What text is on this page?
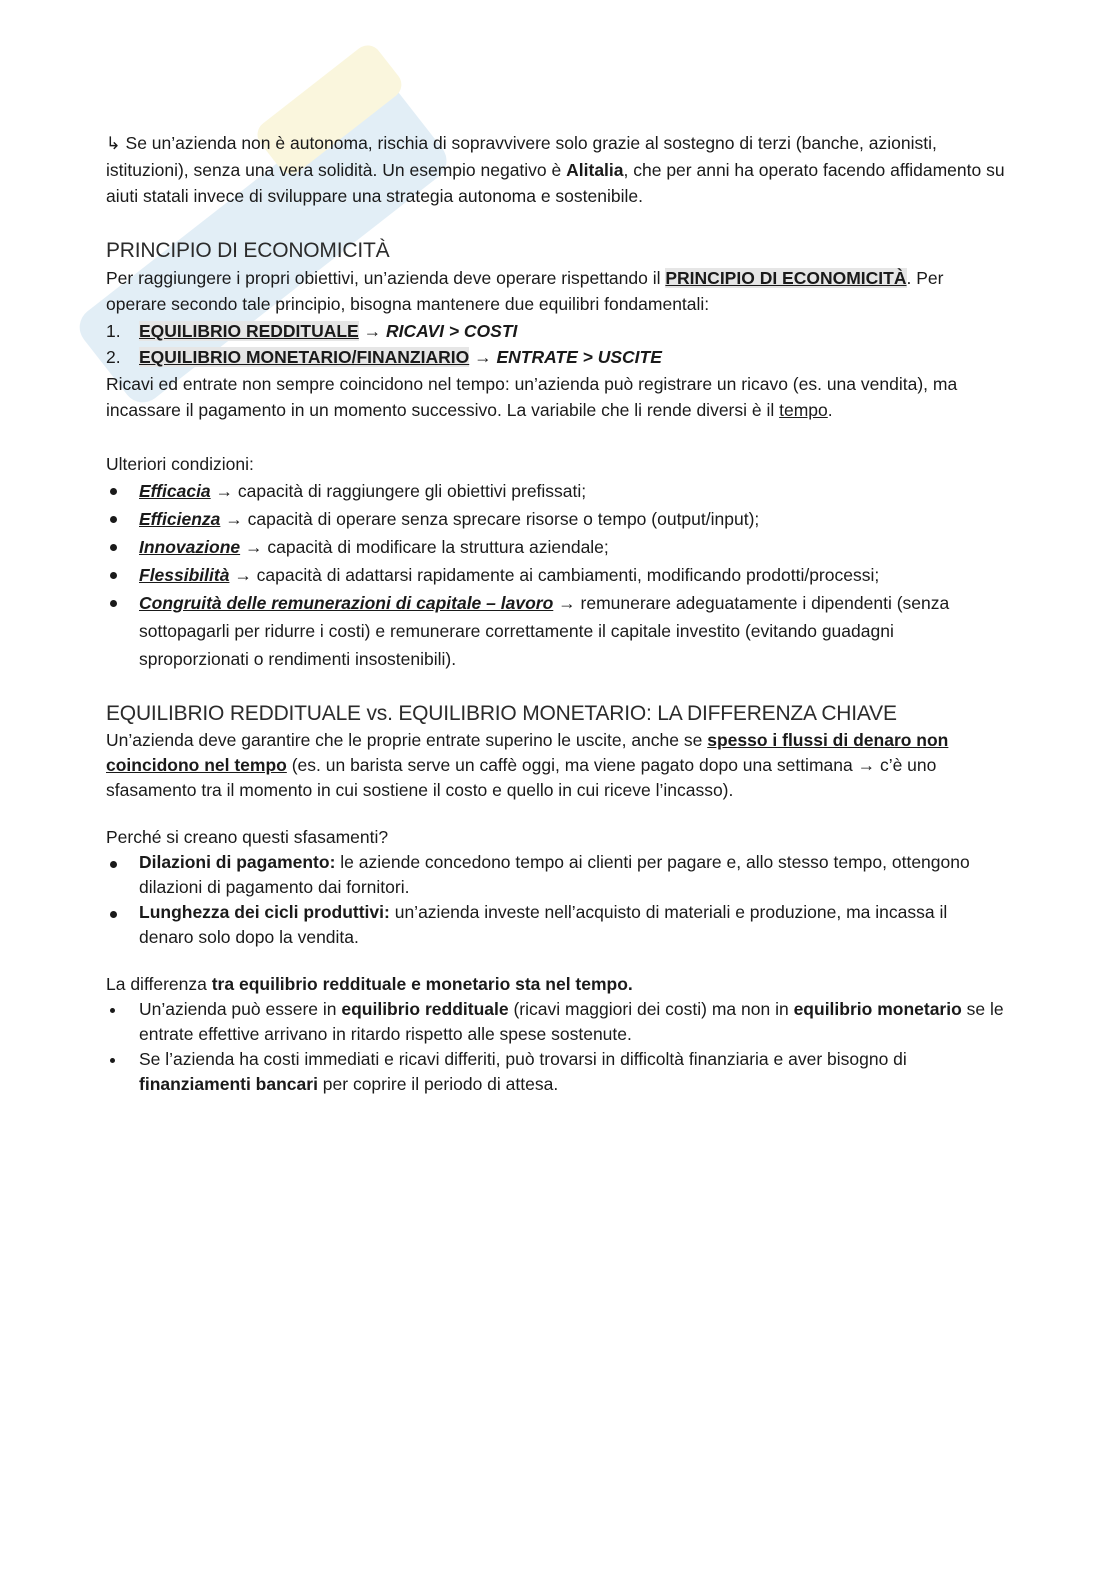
↳ Se un’azienda non è autonoma, rischia di sopravvivere solo grazie al sostegno di terzi (banche, azionisti, istituzioni), senza una vera solidità. Un esempio negativo è Alitalia, che per anni ha operato facendo affidamento su aiuti statali invece di sviluppare una strategia autonoma e sostenibile.

PRINCIPIO DI ECONOMICITÀ

Per raggiungere i propri obiettivi, un’azienda deve operare rispettando il PRINCIPIO DI ECONOMICITÀ. Per operare secondo tale principio, bisogna mantenere due equilibri fondamentali:

1. EQUILIBRIO REDDITUALE → RICAVI > COSTI
2. EQUILIBRIO MONETARIO/FINANZIARIO → ENTRATE > USCITE

Ricavi ed entrate non sempre coincidono nel tempo: un’azienda può registrare un ricavo (es. una vendita), ma incassare il pagamento in un momento successivo. La variabile che li rende diversi è il tempo.

Ulteriori condizioni:

Efficacia → capacità di raggiungere gli obiettivi prefissati;
Efficienza → capacità di operare senza sprecare risorse o tempo (output/input);
Innovazione → capacità di modificare la struttura aziendale;
Flessibilità → capacità di adattarsi rapidamente ai cambiamenti, modificando prodotti/processi;
Congruità delle remunerazioni di capitale – lavoro → remunerare adeguatamente i dipendenti (senza sottopagarli per ridurre i costi) e remunerare correttamente il capitale investito (evitando guadagni sproporzionati o rendimenti insostenibili).
EQUILIBRIO REDDITUALE vs. EQUILIBRIO MONETARIO: LA DIFFERENZA CHIAVE

Un’azienda deve garantire che le proprie entrate superino le uscite, anche se spesso i flussi di denaro non coincidono nel tempo (es. un barista serve un caffè oggi, ma viene pagato dopo una settimana → c’è uno sfasamento tra il momento in cui sostiene il costo e quello in cui riceve l’incasso).

Perché si creano questi sfasamenti?

Dilazioni di pagamento: le aziende concedono tempo ai clienti per pagare e, allo stesso tempo, ottengono dilazioni di pagamento dai fornitori.
Lunghezza dei cicli produttivi: un’azienda investe nell’acquisto di materiali e produzione, ma incassa il denaro solo dopo la vendita.

La differenza tra equilibrio reddituale e monetario sta nel tempo.

Un’azienda può essere in equilibrio reddituale (ricavi maggiori dei costi) ma non in equilibrio monetario se le entrate effettive arrivano in ritardo rispetto alle spese sostenute.
Se l’azienda ha costi immediati e ricavi differiti, può trovarsi in difficoltà finanziaria e aver bisogno di finanziamenti bancari per coprire il periodo di attesa.
